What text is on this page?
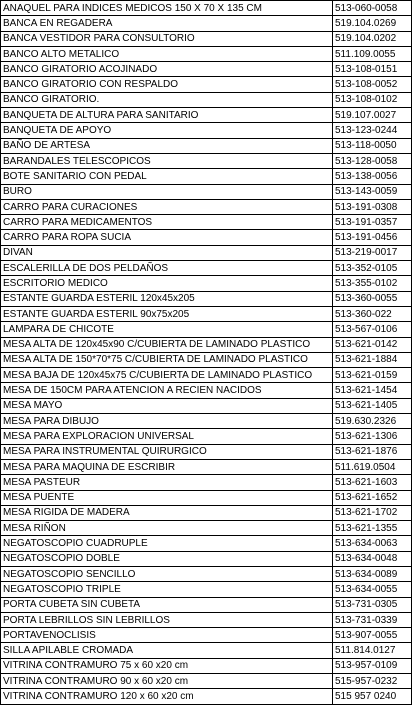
ANAQUEL PARA INDICES MEDICOS 150 X 70 X 135 CM	513-060-0058
BANCA EN REGADERA	519.104.0269
BANCA VESTIDOR PARA CONSULTORIO	519.104.0202
BANCO ALTO METALICO	511.109.0055
BANCO GIRATORIO ACOJINADO	513-108-0151
BANCO GIRATORIO CON RESPALDO	513-108-0052
BANCO GIRATORIO.	513-108-0102
BANQUETA DE ALTURA PARA SANITARIO	519.107.0027
BANQUETA DE APOYO	513-123-0244
BAÑO DE ARTESA	513-118-0050
BARANDALES TELESCOPICOS	513-128-0058
BOTE SANITARIO CON PEDAL	513-138-0056
BURO	513-143-0059
CARRO PARA CURACIONES	513-191-0308
CARRO PARA MEDICAMENTOS	513-191-0357
CARRO PARA ROPA SUCIA	513-191-0456
DIVAN	513-219-0017
ESCALERILLA DE DOS PELDAÑOS	513-352-0105
ESCRITORIO MEDICO	513-355-0102
ESTANTE GUARDA ESTERIL 120x45x205	513-360-0055
ESTANTE GUARDA ESTERIL 90x75x205	513-360-022
LAMPARA DE CHICOTE	513-567-0106
MESA ALTA DE 120x45x90 C/CUBIERTA DE LAMINADO PLASTICO	513-621-0142
MESA ALTA DE 150*70*75 C/CUBIERTA DE LAMINADO PLASTICO	513-621-1884
MESA BAJA DE 120x45x75 C/CUBIERTA DE LAMINADO PLASTICO	513-621-0159
MESA DE 150CM PARA ATENCION A RECIEN NACIDOS	513-621-1454
MESA MAYO	513-621-1405
MESA PARA DIBUJO	519.630.2326
MESA PARA EXPLORACION UNIVERSAL	513-621-1306
MESA PARA INSTRUMENTAL QUIRURGICO	513-621-1876
MESA PARA MAQUINA DE ESCRIBIR	511.619.0504
MESA PASTEUR	513-621-1603
MESA PUENTE	513-621-1652
MESA RIGIDA DE MADERA	513-621-1702
MESA RIÑON	513-621-1355
NEGATOSCOPIO CUADRUPLE	513-634-0063
NEGATOSCOPIO DOBLE	513-634-0048
NEGATOSCOPIO SENCILLO	513-634-0089
NEGATOSCOPIO TRIPLE	513-634-0055
PORTA CUBETA SIN CUBETA	513-731-0305
PORTA LEBRILLOS SIN LEBRILLOS	513-731-0339
PORTAVENOCLISIS	513-907-0055
SILLA APILABLE CROMADA	511.814.0127
VITRINA CONTRAMURO 75 x 60 x20 cm	513-957-0109
VITRINA CONTRAMURO 90 x 60 x20 cm	515-957-0232
VITRINA CONTRAMURO 120 x 60 x20 cm	515 957 0240
